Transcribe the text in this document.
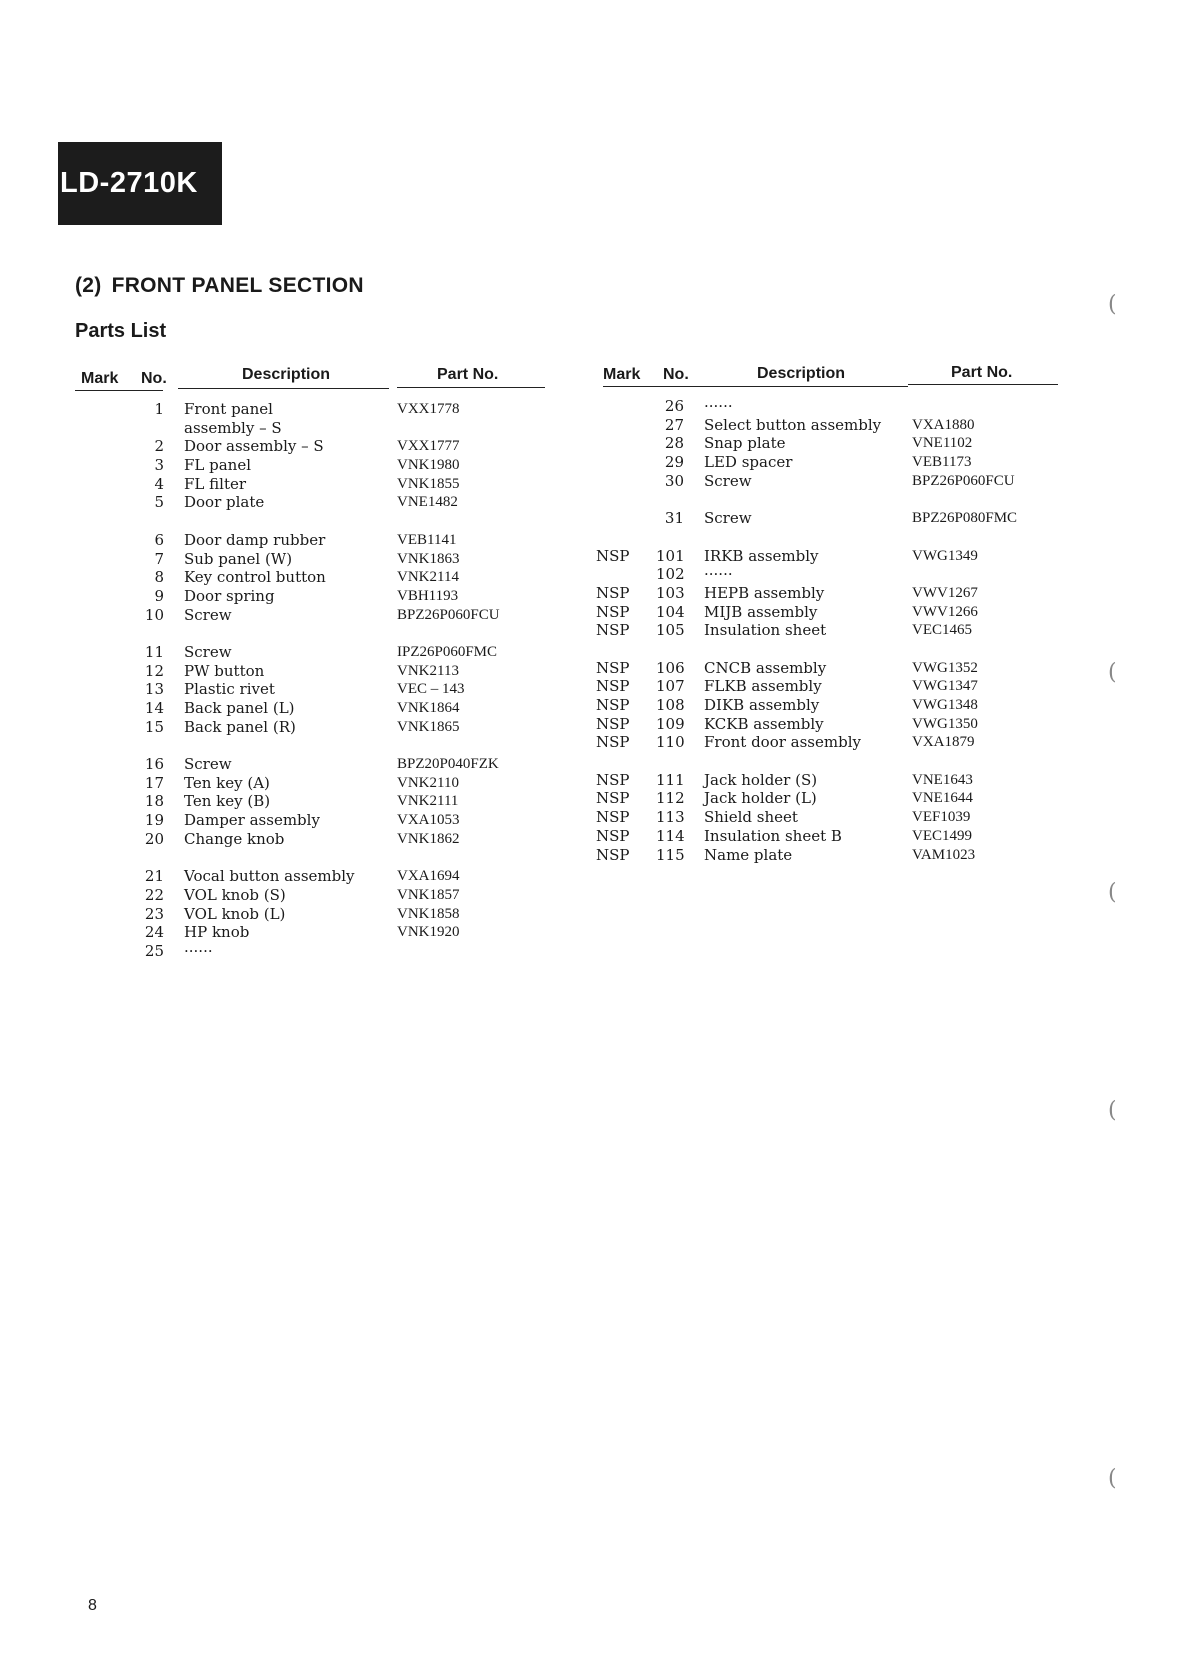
LD-2710K
(2) FRONT PANEL SECTION
Parts List
Mark No.	Description	Part No.	Mark No.	Description	Part No.
1 Front panel	VXX1778
assembly – S
2 Door assembly – S	VXX1777
3 FL panel	VNK1980
4 FL filter	VNK1855
5 Door plate	VNE1482
6 Door damp rubber	VEB1141
7 Sub panel (W)	VNK1863
8 Key control button	VNK2114
9 Door spring	VBH1193
10 Screw	BPZ26P060FCU
11 Screw	IPZ26P060FMC
12 PW button	VNK2113
13 Plastic rivet	VEC – 143
14 Back panel (L)	VNK1864
15 Back panel (R)	VNK1865
16 Screw	BPZ20P040FZK
17 Ten key (A)	VNK2110
18 Ten key (B)	VNK2111
19 Damper assembly	VXA1053
20 Change knob	VNK1862
21 Vocal button assembly	VXA1694
22 VOL knob (S)	VNK1857
23 VOL knob (L)	VNK1858
24 HP knob	VNK1920
25 ······
26 ······
27 Select button assembly VXA1880
28 Snap plate	VNE1102
29 LED spacer	VEB1173
30 Screw	BPZ26P060FCU
31 Screw	BPZ26P080FMC
NSP 101 IRKB assembly	VWG1349
102 ······
NSP 103 HEPB assembly	VWV1267
NSP 104 MIJB assembly	VWV1266
NSP 105 Insulation sheet	VEC1465
NSP 106 CNCB assembly	VWG1352
NSP 107 FLKB assembly	VWG1347
NSP 108 DIKB assembly	VWG1348
NSP 109 KCKB assembly	VWG1350
NSP 110 Front door assembly	VXA1879
NSP 111 Jack holder (S)	VNE1643
NSP 112 Jack holder (L)	VNE1644
NSP 113 Shield sheet	VEF1039
NSP 114 Insulation sheet B	VEC1499
NSP 115 Name plate	VAM1023
8
(
(
(
(
(
